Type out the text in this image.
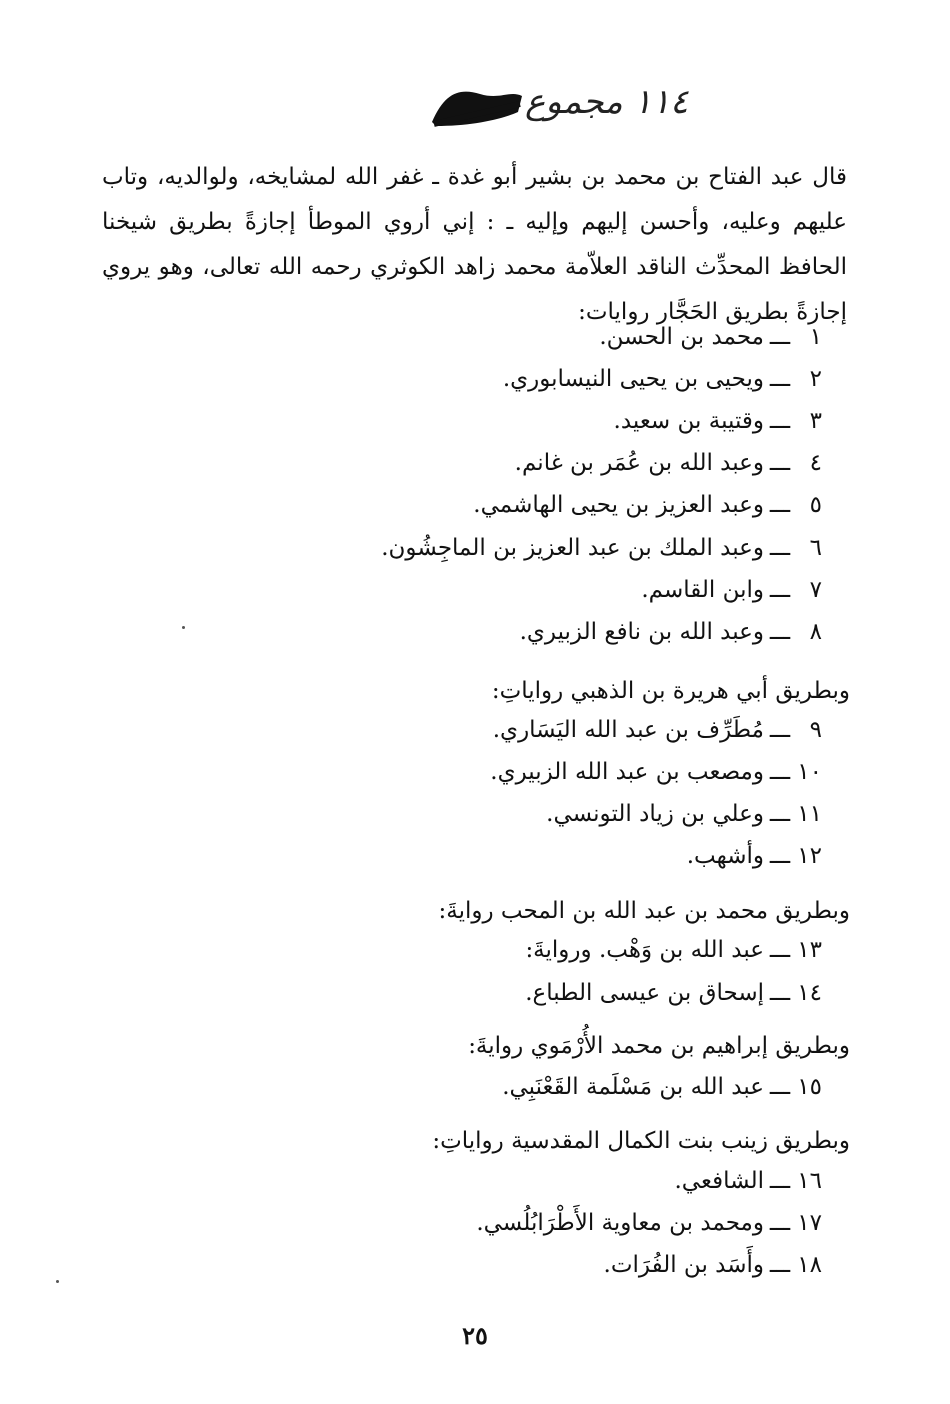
١١٤ مجموع

قال عبد الفتاح بن محمد بن بشير أبو غدة ـ غفر الله لمشايخه، ولوالديه، وتاب عليهم وعليه، وأحسن إليهم وإليه ـ : إني أروي الموطأ إجازةً بطريق شيخنا الحافظ المحدِّث الناقد العلاّمة محمد زاهد الكوثري رحمه الله تعالى، وهو يروي إجازةً بطريق الحَجَّار روايات:

١ـــمحمد بن الحسن.
٢ـــويحيى بن يحيى النيسابوري.
٣ـــوقتيبة بن سعيد.
٤ـــوعبد الله بن عُمَر بن غانم.
٥ـــوعبد العزيز بن يحيى الهاشمي.
٦ـــوعبد الملك بن عبد العزيز بن الماجِشُون.
٧ـــوابن القاسم.
٨ـــوعبد الله بن نافع الزبيري.
وبطريق أبي هريرة بن الذهبي رواياتِ:
٩ـــمُطَرِّف بن عبد الله اليَسَاري.
١٠ـــومصعب بن عبد الله الزبيري.
١١ـــوعلي بن زياد التونسي.
١٢ـــوأشهب.
وبطريق محمد بن عبد الله بن المحب روايةَ:
١٣ـــعبد الله بن وَهْب. وروايةَ:
١٤ـــإسحاق بن عيسى الطباع.
وبطريق إبراهيم بن محمد الأُرْمَوي روايةَ:
١٥ـــعبد الله بن مَسْلَمة القَعْنَبِي.
وبطريق زينب بنت الكمال المقدسية رواياتِ:
١٦ـــالشافعي.
١٧ـــومحمد بن معاوية الأَطْرَابُلُسي.
١٨ـــوأَسَد بن الفُرَات.
٢٥
